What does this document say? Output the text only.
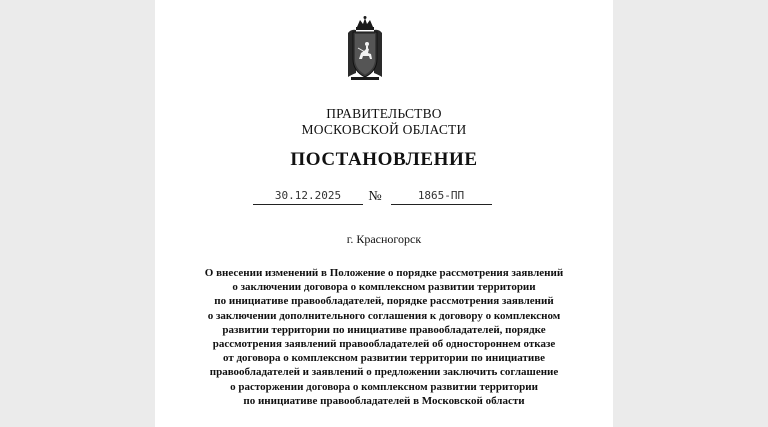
ПРАВИТЕЛЬСТВО
МОСКОВСКОЙ ОБЛАСТИ
ПОСТАНОВЛЕНИЕ
30.12.2025	№	1865-ПП
г. Красногорск
О внесении изменений в Положение о порядке рассмотрения заявлений
о заключении договора о комплексном развитии территории
по инициативе правообладателей, порядке рассмотрения заявлений
о заключении дополнительного соглашения к договору о комплексном
развитии территории по инициативе правообладателей, порядке
рассмотрения заявлений правообладателей об одностороннем отказе
от договора о комплексном развитии территории по инициативе
правообладателей и заявлений о предложении заключить соглашение
о расторжении договора о комплексном развитии территории
по инициативе правообладателей в Московской области
